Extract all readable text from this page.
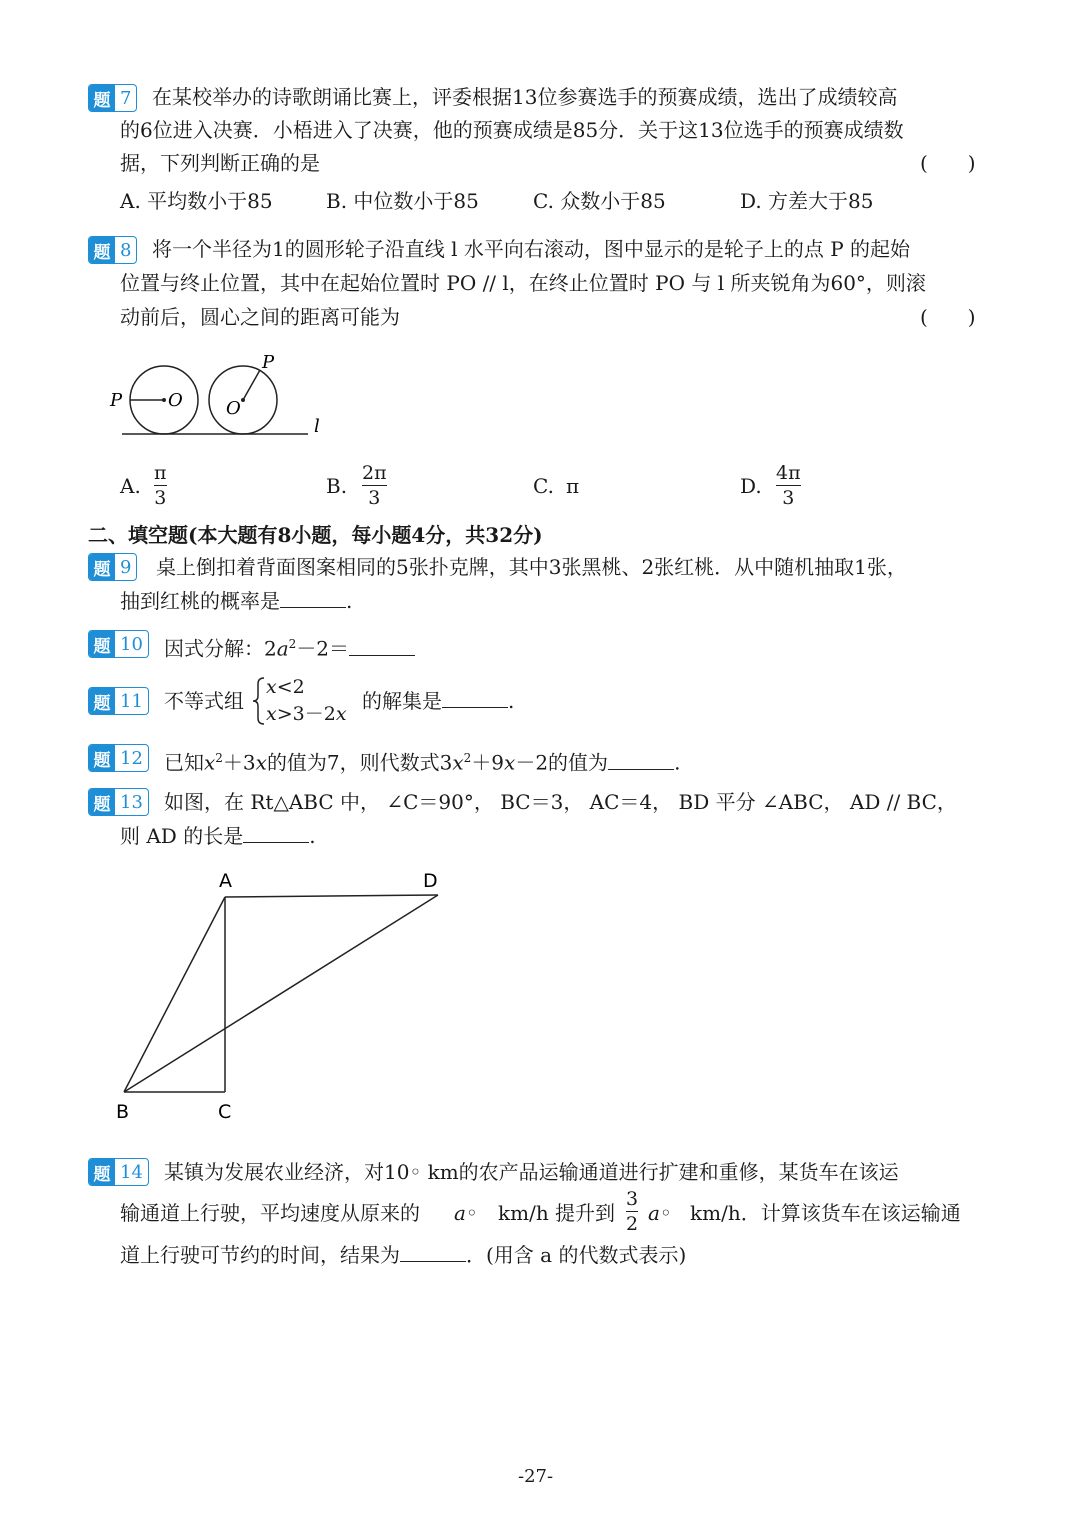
题 7 在某校举办的诗歌朗诵比赛上，评委根据13位参赛选手的预赛成绩，选出了成绩较高
的6位进入决赛．小梧进入了决赛，他的预赛成绩是85分．关于这13位选手的预赛成绩数
据，下列判断正确的是	(　　)
A. 平均数小于85	B. 中位数小于85	C. 众数小于85	D. 方差大于85
题 8 将一个半径为1的圆形轮子沿直线 l 水平向右滚动，图中显示的是轮子上的点 P 的起始
位置与终止位置，其中在起始位置时 PO // l，在终止位置时 PO 与 l 所夹锐角为60°，则滚
动前后，圆心之间的距离可能为	(　　)
P	O
P
O
l
A.
π
3	B.
2π
3	C. π	D.
4π
3
二、填空题(本大题有8小题，每小题4分，共32分)
题 9 桌上倒扣着背面图案相同的5张扑克牌，其中3张黑桃、2张红桃．从中随机抽取1张，
抽到红桃的概率是	.
题 10 因式分解：$2a^2-2=$
题 11 不等式组
x<2
x>3－2x
的解集是	.
题 12 已知$x^2+3x$的值为7，则代数式$3x^2+9x-2$的值为	.
题 13 如图，在 Rt△ABC 中， ∠C＝90°， BC＝3， AC＝4， BD 平分 ∠ABC， AD // BC，
则 AD 的长是	.
A	D
B	C
题 14 某镇为发展农业经济，对10◦ km的农产品运输通道进行扩建和重修，某货车在该运
输通道上行驶，平均速度从原来的 a◦ km/h 提升到
3
2 a◦ km/h．计算该货车在该运输通
道上行驶可节约的时间，结果为	．(用含 a 的代数式表示)
-27-
